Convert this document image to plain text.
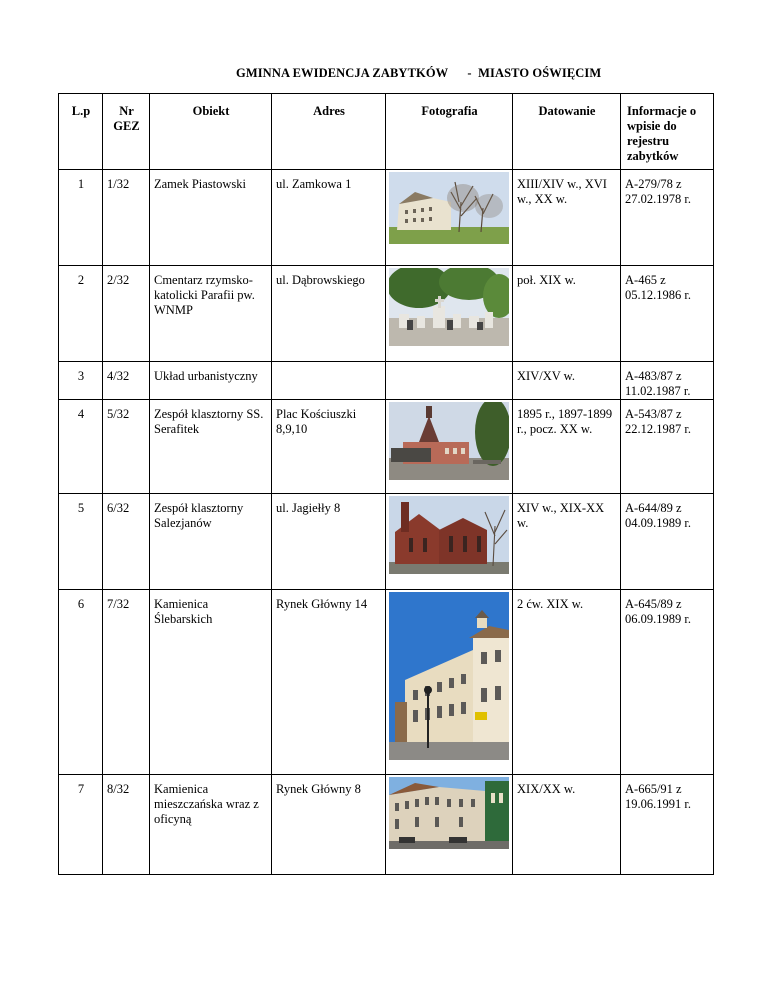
GMINNA EWIDENCJA ZABYTKÓW      -  MIASTO OŚWIĘCIM
L.p	Nr GEZ	Obiekt	Adres	Fotografia	Datowanie	Informacje o wpisie do rejestru zabytków
1	1/32	Zamek Piastowski	ul. Zamkowa 1		XIII/XIV w., XVI w., XX w.	A-279/78 z 27.02.1978 r.
2	2/32	Cmentarz rzymsko-katolicki Parafii pw. WNMP	ul. Dąbrowskiego		poł. XIX w.	A-465 z 05.12.1986 r.
3	4/32	Układ urbanistyczny			XIV/XV w.	A-483/87 z 11.02.1987 r.
4	5/32	Zespół klasztorny SS. Serafitek	Plac Kościuszki 8,9,10		1895 r., 1897-1899 r., pocz. XX w.	A-543/87 z 22.12.1987 r.
5	6/32	Zespół klasztorny Salezjanów	ul. Jagiełły 8		XIV w., XIX-XX w.	A-644/89 z 04.09.1989 r.
6	7/32	Kamienica Ślebarskich	Rynek Główny 14		2 ćw. XIX w.	A-645/89 z 06.09.1989 r.
7	8/32	Kamienica mieszczańska wraz z oficyną	Rynek Główny 8		XIX/XX w.	A-665/91 z 19.06.1991 r.
